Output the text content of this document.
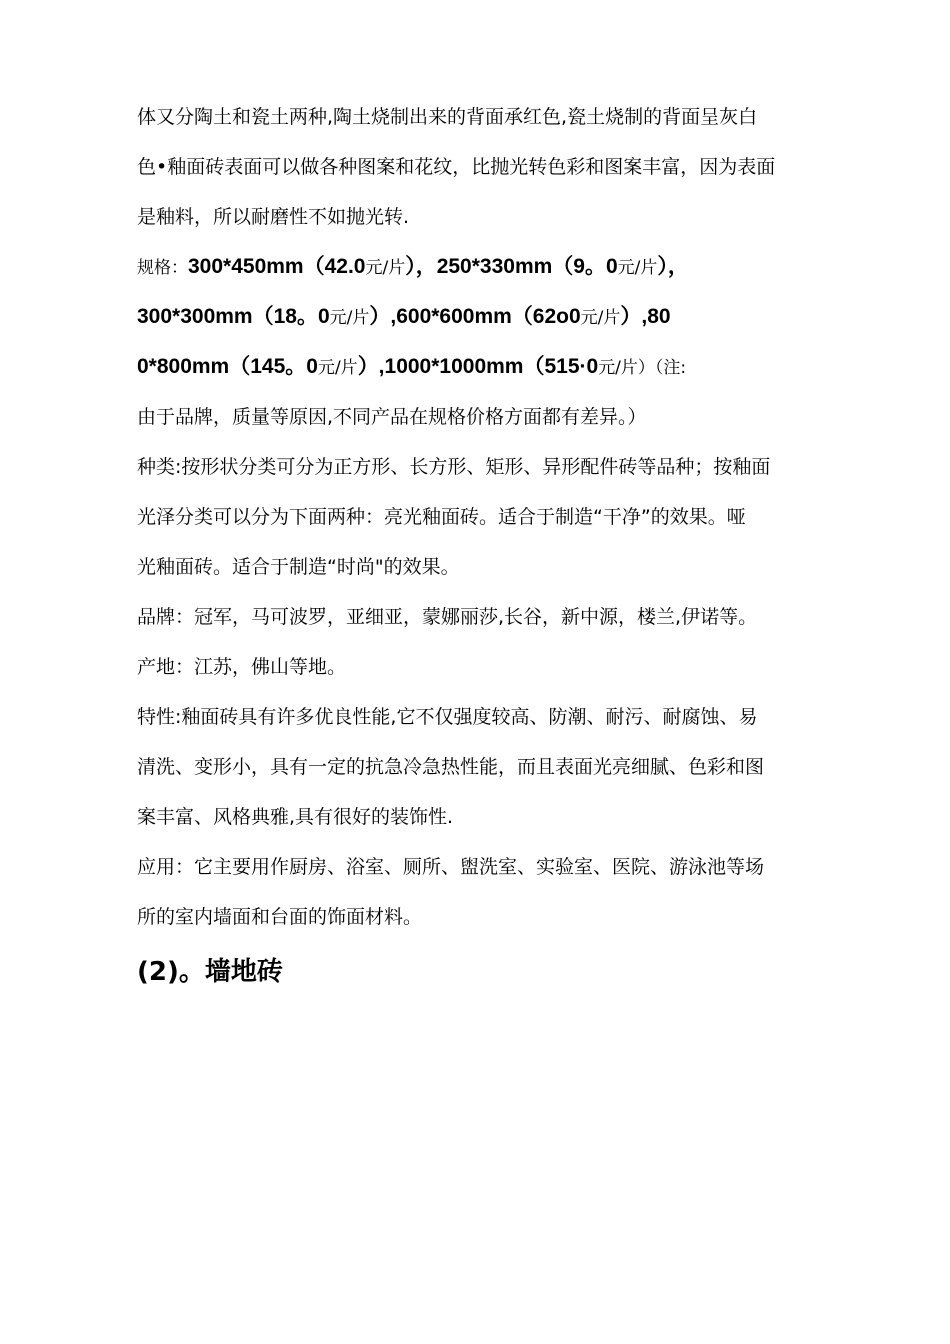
体又分陶土和瓷土两种,陶土烧制出来的背面承红色,瓷土烧制的背面呈灰白
色•釉面砖表面可以做各种图案和花纹，比抛光转色彩和图案丰富，因为表面
是釉料，所以耐磨性不如抛光转.
规格：300*450mm（42.0元/片），250*330mm（9。0元/片），
300*300mm（18。0元/片）,600*600mm（62o0元/片）,80
0*800mm（145。0元/片）,1000*1000mm（515·0元/片）（注:
由于品牌，质量等原因,不同产品在规格价格方面都有差异。）
种类:按形状分类可分为正方形、长方形、矩形、异形配件砖等品种；按釉面
光泽分类可以分为下面两种：亮光釉面砖。适合于制造“干净”的效果。哑
光釉面砖。适合于制造“时尚"的效果。
品牌：冠军，马可波罗，亚细亚，蒙娜丽莎,长谷，新中源，楼兰,伊诺等。
产地：江苏，佛山等地。
特性:釉面砖具有许多优良性能,它不仅强度较高、防潮、耐污、耐腐蚀、易
清洗、变形小，具有一定的抗急冷急热性能，而且表面光亮细腻、色彩和图
案丰富、风格典雅,具有很好的装饰性.
应用：它主要用作厨房、浴室、厕所、盥洗室、实验室、医院、游泳池等场
所的室内墙面和台面的饰面材料。
(2)。墙地砖
